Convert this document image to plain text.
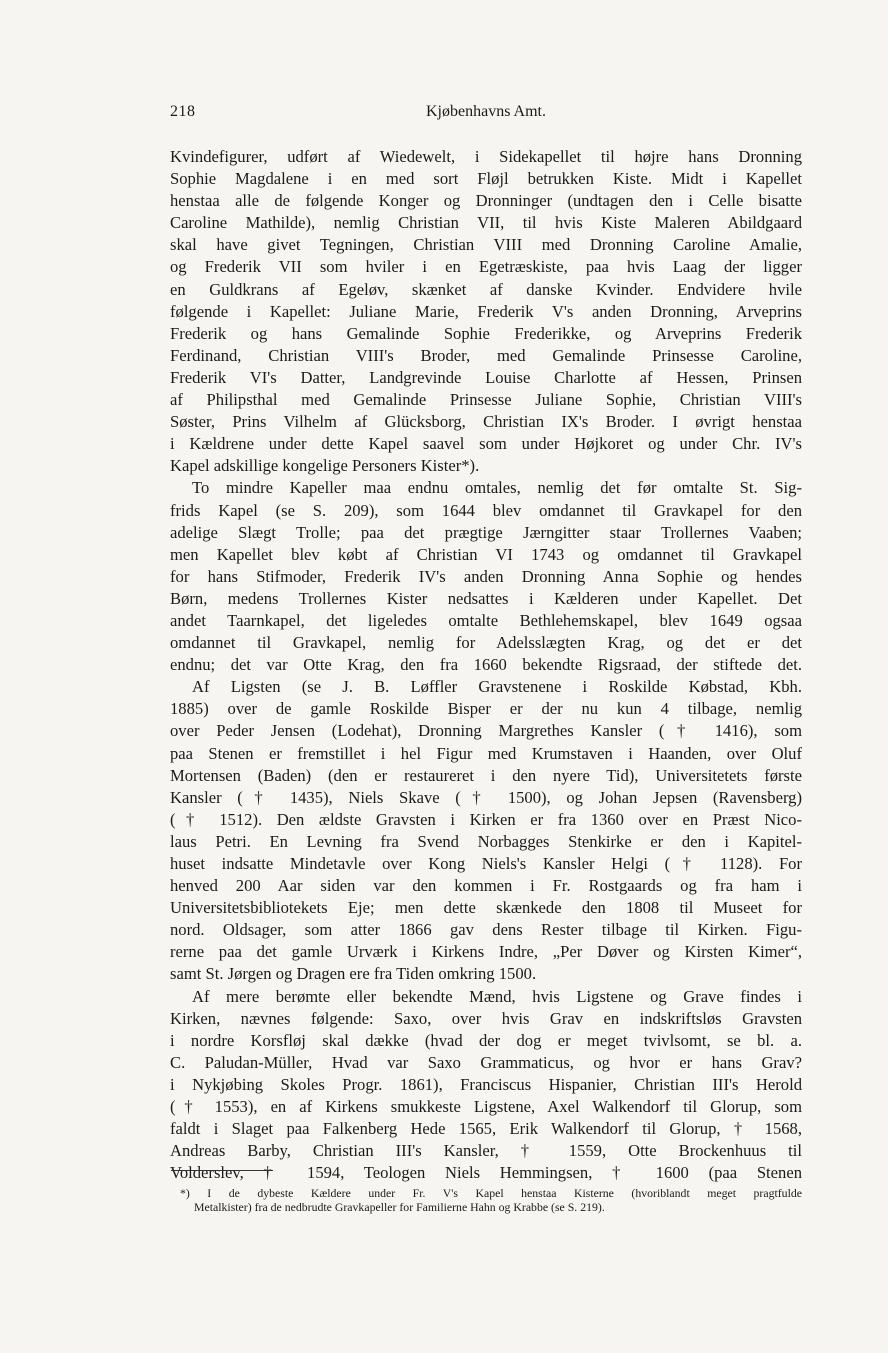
218	Kjøbenhavns Amt.
Kvindefigurer, udført af Wiedewelt, i Sidekapellet til højre hans Dronning
Sophie Magdalene i en med sort Fløjl betrukken Kiste. Midt i Kapellet
henstaa alle de følgende Konger og Dronninger (undtagen den i Celle bisatte
Caroline Mathilde), nemlig Christian VII, til hvis Kiste Maleren Abildgaard
skal have givet Tegningen, Christian VIII med Dronning Caroline Amalie,
og Frederik VII som hviler i en Egetræskiste, paa hvis Laag der ligger
en Guldkrans af Egeløv, skænket af danske Kvinder. Endvidere hvile
følgende i Kapellet: Juliane Marie, Frederik V's anden Dronning, Arveprins
Frederik og hans Gemalinde Sophie Frederikke, og Arveprins Frederik
Ferdinand, Christian VIII's Broder, med Gemalinde Prinsesse Caroline,
Frederik VI's Datter, Landgrevinde Louise Charlotte af Hessen, Prinsen
af Philipsthal med Gemalinde Prinsesse Juliane Sophie, Christian VIII's
Søster, Prins Vilhelm af Glücksborg, Christian IX's Broder. I øvrigt henstaa
i Kældrene under dette Kapel saavel som under Højkoret og under Chr. IV's
Kapel adskillige kongelige Personers Kister*).
To mindre Kapeller maa endnu omtales, nemlig det før omtalte St. Sig-
frids Kapel (se S. 209), som 1644 blev omdannet til Gravkapel for den
adelige Slægt Trolle; paa det prægtige Jærngitter staar Trollernes Vaaben;
men Kapellet blev købt af Christian VI 1743 og omdannet til Gravkapel
for hans Stifmoder, Frederik IV's anden Dronning Anna Sophie og hendes
Børn, medens Trollernes Kister nedsattes i Kælderen under Kapellet. Det
andet Taarnkapel, det ligeledes omtalte Bethlehemskapel, blev 1649 ogsaa
omdannet til Gravkapel, nemlig for Adelsslægten Krag, og det er det
endnu; det var Otte Krag, den fra 1660 bekendte Rigsraad, der stiftede det.
Af Ligsten (se J. B. Løffler Gravstenene i Roskilde Købstad, Kbh.
1885) over de gamle Roskilde Bisper er der nu kun 4 tilbage, nemlig
over Peder Jensen (Lodehat), Dronning Margrethes Kansler († 1416), som
paa Stenen er fremstillet i hel Figur med Krumstaven i Haanden, over Oluf
Mortensen (Baden) (den er restaureret i den nyere Tid), Universitetets første
Kansler († 1435), Niels Skave († 1500), og Johan Jepsen (Ravensberg)
(† 1512). Den ældste Gravsten i Kirken er fra 1360 over en Præst Nico-
laus Petri. En Levning fra Svend Norbagges Stenkirke er den i Kapitel-
huset indsatte Mindetavle over Kong Niels's Kansler Helgi († 1128). For
henved 200 Aar siden var den kommen i Fr. Rostgaards og fra ham i
Universitetsbibliotekets Eje; men dette skænkede den 1808 til Museet for
nord. Oldsager, som atter 1866 gav dens Rester tilbage til Kirken. Figu-
rerne paa det gamle Urværk i Kirkens Indre, „Per Døver og Kirsten Kimer“,
samt St. Jørgen og Dragen ere fra Tiden omkring 1500.
Af mere berømte eller bekendte Mænd, hvis Ligstene og Grave findes i
Kirken, nævnes følgende: Saxo, over hvis Grav en indskriftsløs Gravsten
i nordre Korsfløj skal dække (hvad der dog er meget tvivlsomt, se bl. a.
C. Paludan-Müller, Hvad var Saxo Grammaticus, og hvor er hans Grav?
i Nykjøbing Skoles Progr. 1861), Franciscus Hispanier, Christian III's Herold
(† 1553), en af Kirkens smukkeste Ligstene, Axel Walkendorf til Glorup, som
faldt i Slaget paa Falkenberg Hede 1565, Erik Walkendorf til Glorup, † 1568,
Andreas Barby, Christian III's Kansler, † 1559, Otte Brockenhuus til
Volderslev, † 1594, Teologen Niels Hemmingsen, † 1600 (paa Stenen
*) I de dybeste Kældere under Fr. V's Kapel henstaa Kisterne (hvoriblandt meget pragtfulde
Metalkister) fra de nedbrudte Gravkapeller for Familierne Hahn og Krabbe (se S. 219).
